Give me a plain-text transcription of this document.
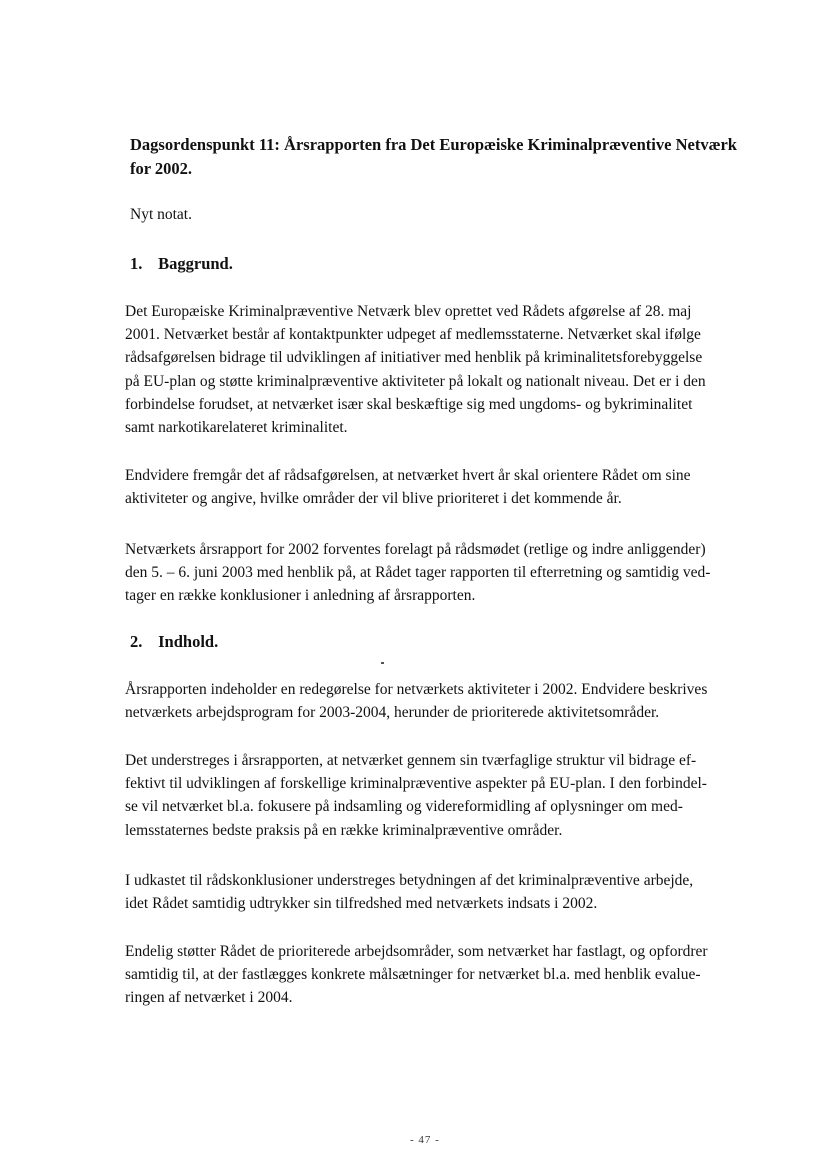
Dagsordenspunkt 11: Årsrapporten fra Det Europæiske Kriminalpræventive Netværk
for 2002.
Nyt notat.
1. Baggrund.
Det Europæiske Kriminalpræventive Netværk blev oprettet ved Rådets afgørelse af 28. maj
2001. Netværket består af kontaktpunkter udpeget af medlemsstaterne. Netværket skal ifølge
rådsafgørelsen bidrage til udviklingen af initiativer med henblik på kriminalitetsforebyggelse
på EU-plan og støtte kriminalpræventive aktiviteter på lokalt og nationalt niveau. Det er i den
forbindelse forudset, at netværket især skal beskæftige sig med ungdoms- og bykriminalitet
samt narkotikarelateret kriminalitet.
Endvidere fremgår det af rådsafgørelsen, at netværket hvert år skal orientere Rådet om sine
aktiviteter og angive, hvilke områder der vil blive prioriteret i det kommende år.
Netværkets årsrapport for 2002 forventes forelagt på rådsmødet (retlige og indre anliggender)
den 5. – 6. juni 2003 med henblik på, at Rådet tager rapporten til efterretning og samtidig ved-
tager en række konklusioner i anledning af årsrapporten.
2. Indhold.
Årsrapporten indeholder en redegørelse for netværkets aktiviteter i 2002. Endvidere beskrives
netværkets arbejdsprogram for 2003-2004, herunder de prioriterede aktivitetsområder.
Det understreges i årsrapporten, at netværket gennem sin tværfaglige struktur vil bidrage ef-
fektivt til udviklingen af forskellige kriminalpræventive aspekter på EU-plan. I den forbindel-
se vil netværket bl.a. fokusere på indsamling og videreformidling af oplysninger om med-
lemsstaternes bedste praksis på en række kriminalpræventive områder.
I udkastet til rådskonklusioner understreges betydningen af det kriminalpræventive arbejde,
idet Rådet samtidig udtrykker sin tilfredshed med netværkets indsats i 2002.
Endelig støtter Rådet de prioriterede arbejdsområder, som netværket har fastlagt, og opfordrer
samtidig til, at der fastlægges konkrete målsætninger for netværket bl.a. med henblik evalue-
ringen af netværket i 2004.
- 47 -
